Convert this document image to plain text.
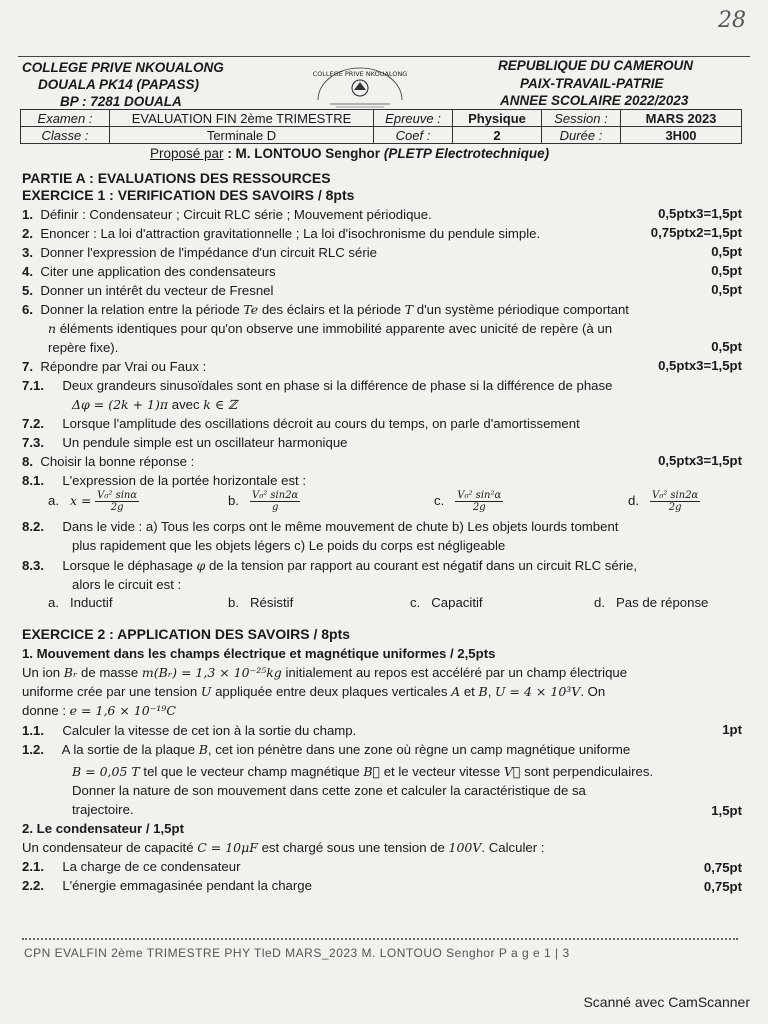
28
COLLEGE PRIVE NKOUALONG
DOUALA PK14 (PAPASS)
BP : 7281 DOUALA
COLLEGE PRIVE NKOUALONG
REPUBLIQUE DU CAMEROUN
PAIX-TRAVAIL-PATRIE
ANNEE SCOLAIRE 2022/2023
Examen :	EVALUATION FIN 2ème TRIMESTRE	Epreuve :	Physique	Session :	MARS 2023
Classe :	Terminale D	Coef :	2	Durée :	3H00
Proposé par : M. LONTOUO Senghor (PLETP Electrotechnique)
PARTIE A : EVALUATIONS DES RESSOURCES
EXERCICE 1 : VERIFICATION DES SAVOIRS / 8pts
1. Définir : Condensateur ; Circuit RLC série ; Mouvement périodique.	0,5ptx3=1,5pt
2. Enoncer : La loi d'attraction gravitationnelle ; La loi d'isochronisme du pendule simple.	0,75ptx2=1,5pt
3. Donner l'expression de l'impédance d'un circuit RLC série	0,5pt
4. Citer une application des condensateurs	0,5pt
5. Donner un intérêt du vecteur de Fresnel	0,5pt
6. Donner la relation entre la période Te des éclairs et la période T d'un système périodique comportant
n éléments identiques pour qu'on observe une immobilité apparente avec unicité de repère (à un
repère fixe).	0,5pt
7. Répondre par Vrai ou Faux :	0,5ptx3=1,5pt
7.1. Deux grandeurs sinusoïdales sont en phase si la différence de phase si la différence de phase
Δφ = (2k + 1)π avec k ∈ ℤ
7.2. Lorsque l'amplitude des oscillations décroit au cours du temps, on parle d'amortissement
7.3. Un pendule simple est un oscillateur harmonique
8. Choisir la bonne réponse :	0,5ptx3=1,5pt
8.1. L'expression de la portée horizontale est :
a. $x = \frac{\text{V₀² sinα}}{2g}$	b. $\frac{\text{V₀² sin2α}}{g}$	c. $\frac{\text{V₀² sin²α}}{2g}$	d. $\frac{\text{V₀² sin2α}}{2g}$
8.2. Dans le vide : a) Tous les corps ont le même mouvement de chute b) Les objets lourds tombent
plus rapidement que les objets légers c) Le poids du corps est négligeable
8.3. Lorsque le déphasage φ de la tension par rapport au courant est négatif dans un circuit RLC série,
alors le circuit est :
a. Inductif	b. Résistif	c. Capacitif	d. Pas de réponse
EXERCICE 2 : APPLICATION DES SAVOIRS / 8pts
1. Mouvement dans les champs électrique et magnétique uniformes / 2,5pts
Un ion Bᵣ de masse m(Bᵣ) = 1,3 × 10⁻²⁵kg initialement au repos est accéléré par un champ électrique
uniforme crée par une tension U appliquée entre deux plaques verticales A et B, U = 4 × 10³V. On
donne : e = 1,6 × 10⁻¹⁹C
1.1. Calculer la vitesse de cet ion à la sortie du champ.	1pt
1.2. A la sortie de la plaque B, cet ion pénètre dans une zone où règne un camp magnétique uniforme
B = 0,05 T tel que le vecteur champ magnétique B⃗ et le vecteur vitesse V⃗ sont perpendiculaires.
Donner la nature de son mouvement dans cette zone et calculer la caractéristique de sa
trajectoire.	1,5pt
2. Le condensateur / 1,5pt
Un condensateur de capacité C = 10μF est chargé sous une tension de 100V. Calculer :
2.1. La charge de ce condensateur	0,75pt
2.2. L'énergie emmagasinée pendant la charge	0,75pt
CPN EVALFIN 2ème TRIMESTRE PHY TleD MARS_2023 M. LONTOUO Senghor P a g e 1 | 3
Scanné avec CamScanner
